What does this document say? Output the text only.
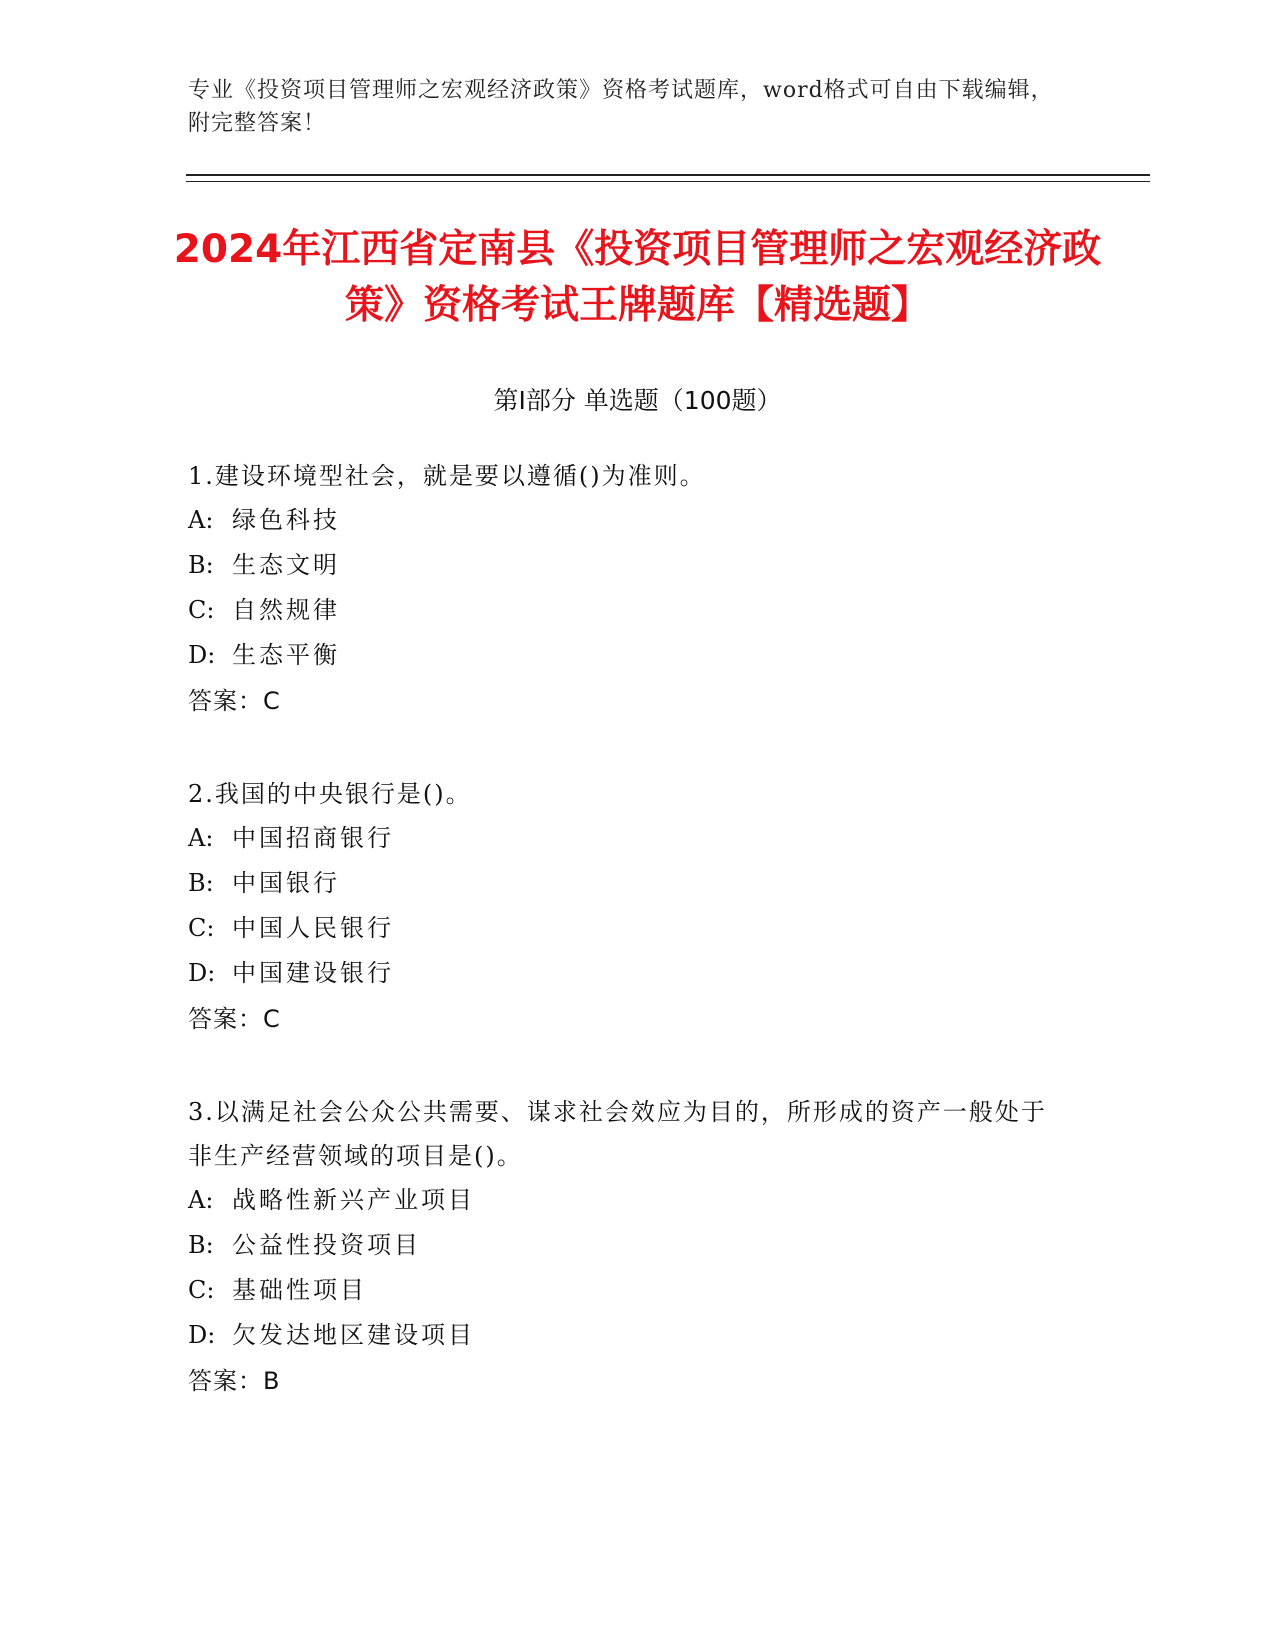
专业《投资项目管理师之宏观经济政策》资格考试题库，word格式可自由下载编辑，附完整答案！
2024年江西省定南县《投资项目管理师之宏观经济政策》资格考试王牌题库【精选题】
第Ⅰ部分 单选题（100题）
1.建设环境型社会，就是要以遵循()为准则。
A: 绿色科技
B: 生态文明
C: 自然规律
D: 生态平衡
答案：C
2.我国的中央银行是()。
A: 中国招商银行
B: 中国银行
C: 中国人民银行
D: 中国建设银行
答案：C
3.以满足社会公众公共需要、谋求社会效应为目的，所形成的资产一般处于非生产经营领域的项目是()。
A: 战略性新兴产业项目
B: 公益性投资项目
C: 基础性项目
D: 欠发达地区建设项目
答案：B
